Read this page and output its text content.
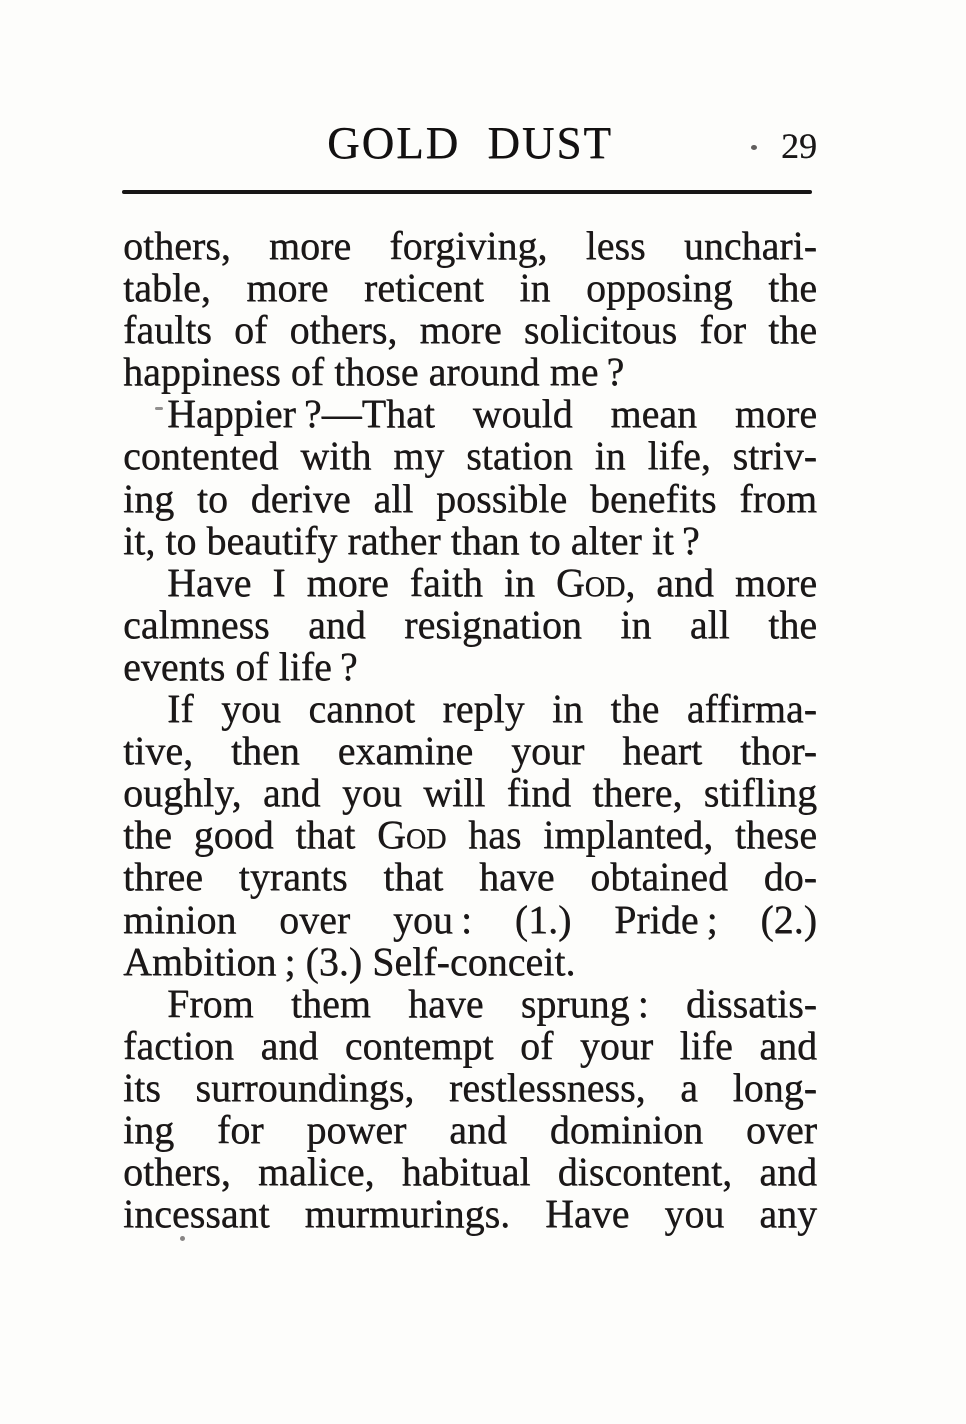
GOLD DUST	29
others, more forgiving, less unchari-
table, more reticent in opposing the
faults of others, more solicitous for the
happiness of those around me ?
Happier ?—That would mean more
contented with my station in life, striv-
ing to derive all possible benefits from
it, to beautify rather than to alter it ?
Have I more faith in God, and more
calmness and resignation in all the
events of life ?
If you cannot reply in the affirma-
tive, then examine your heart thor-
oughly, and you will find there, stifling
the good that God has implanted, these
three tyrants that have obtained do-
minion over you : (1.) Pride ; (2.)
Ambition ; (3.) Self-conceit.
From them have sprung : dissatis-
faction and contempt of your life and
its surroundings, restlessness, a long-
ing for power and dominion over
others, malice, habitual discontent, and
incessant murmurings. Have you any
